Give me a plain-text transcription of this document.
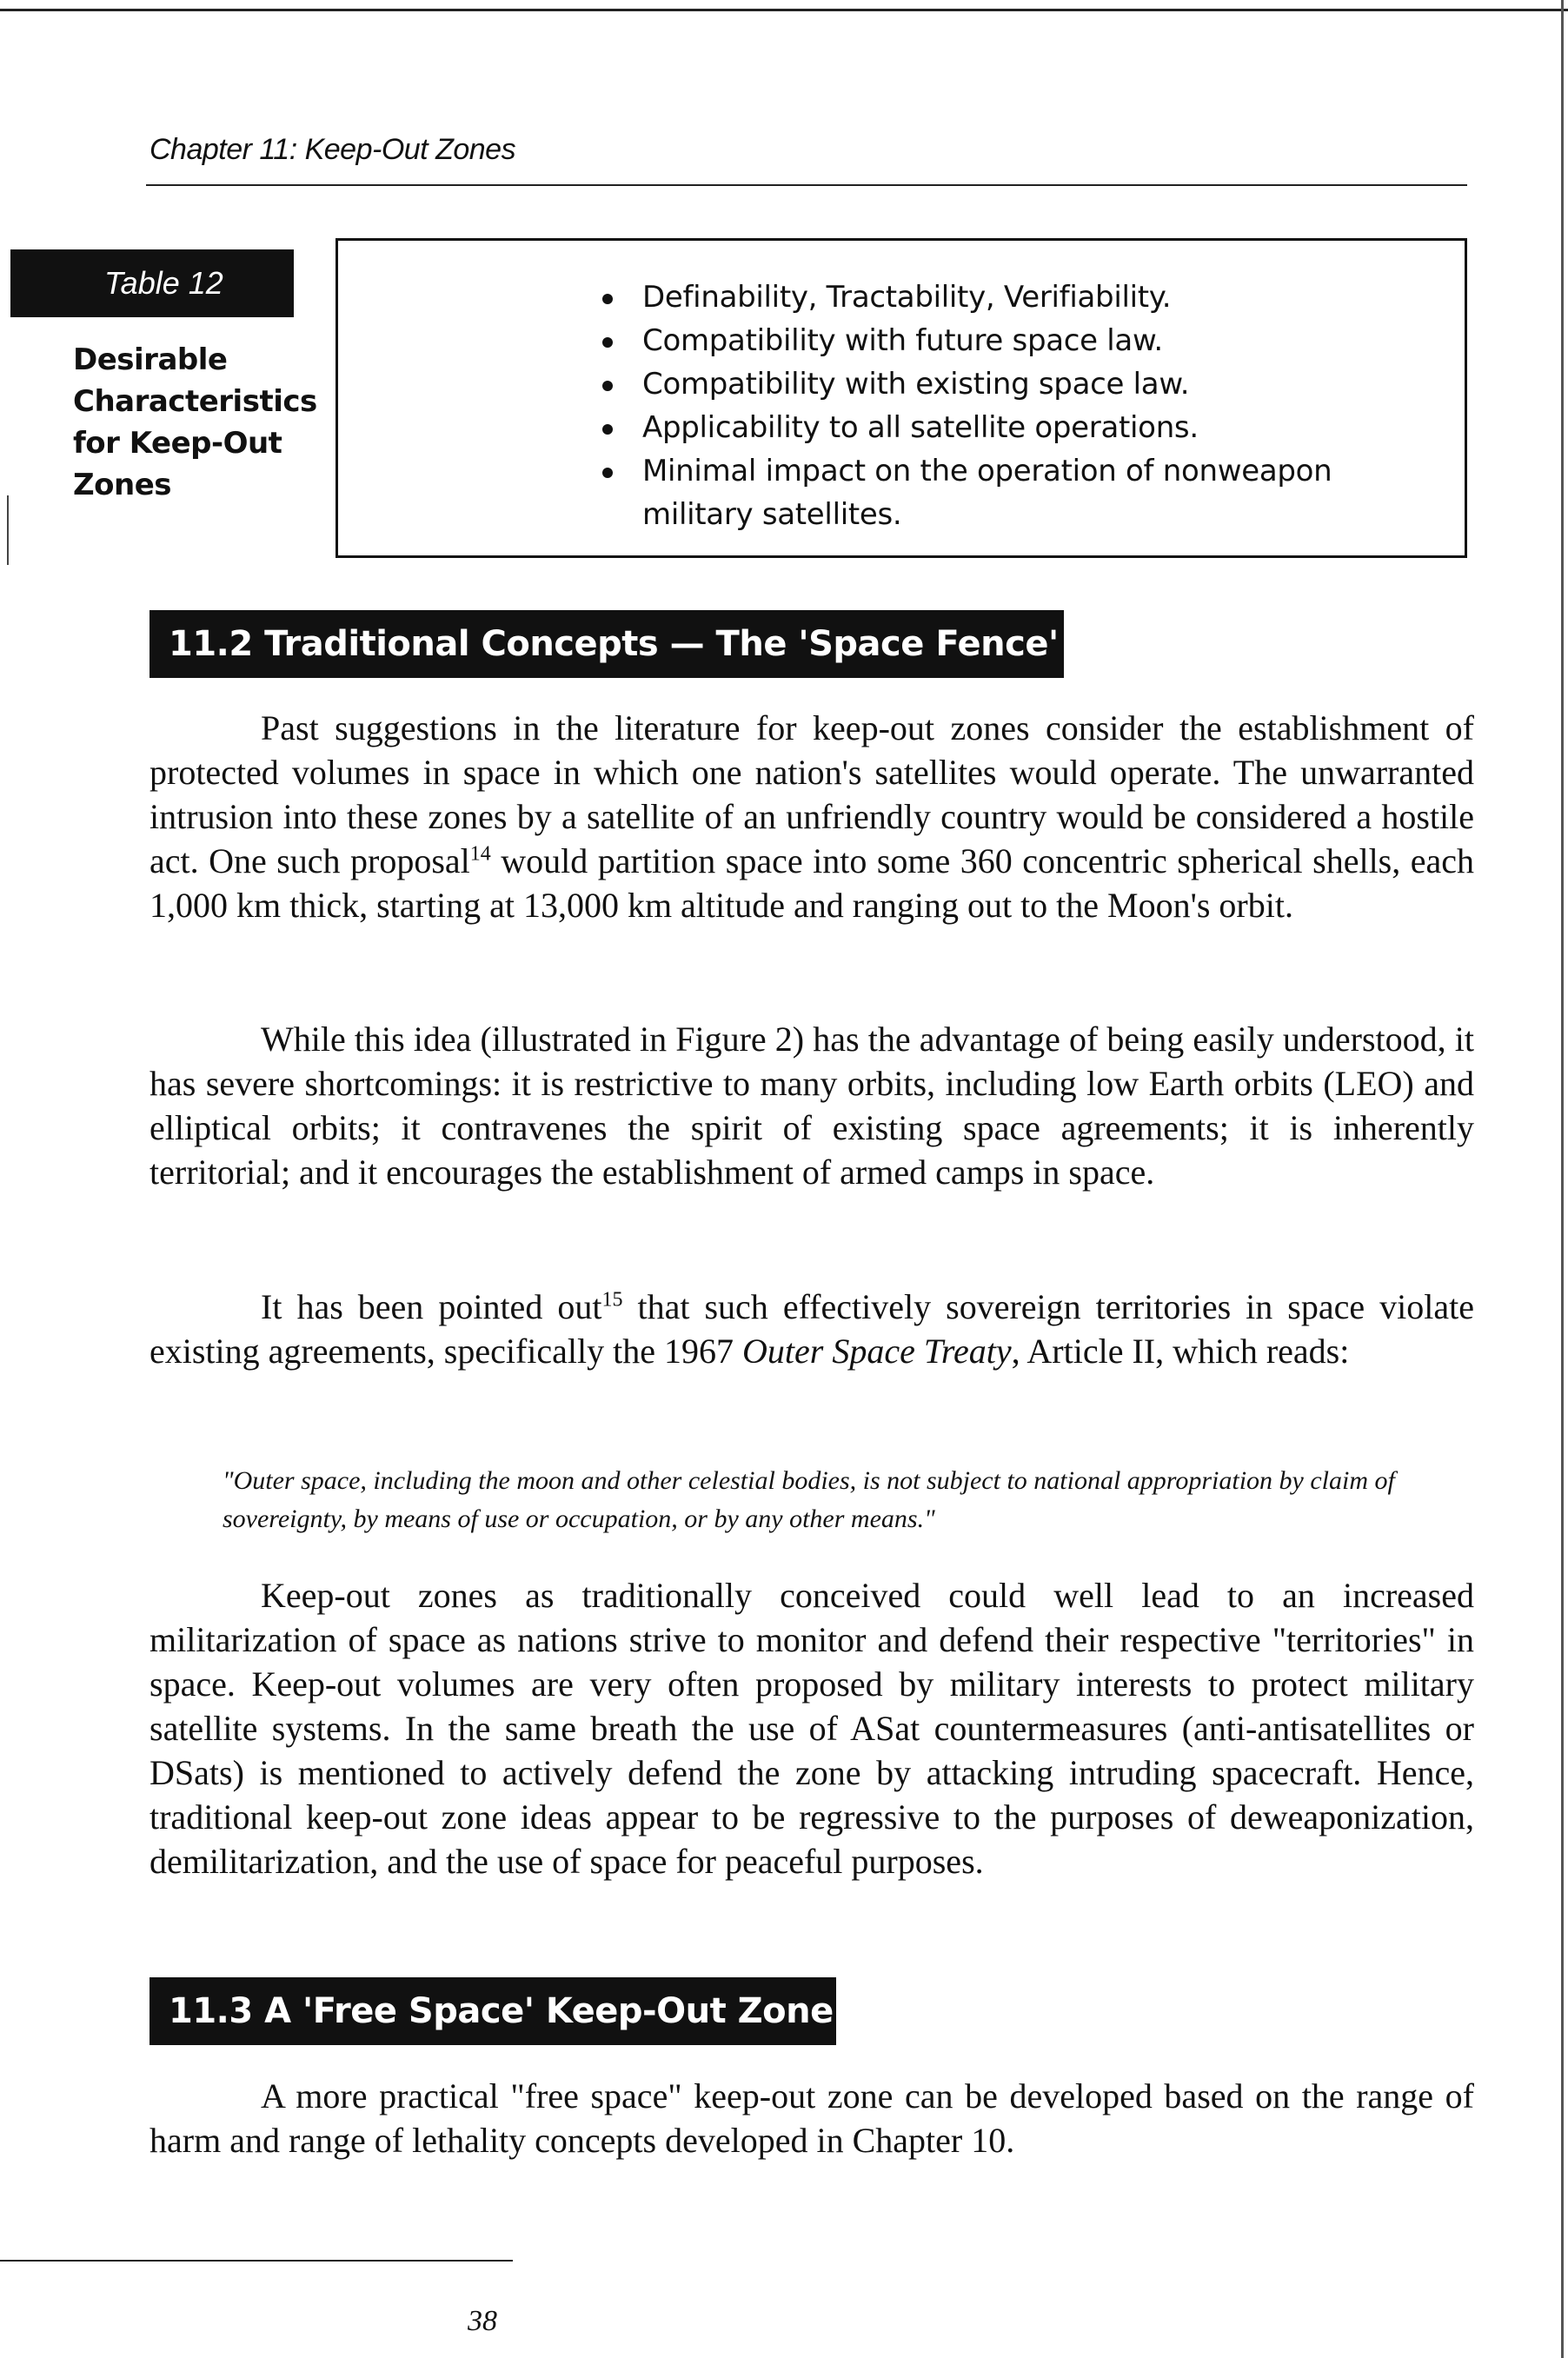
Chapter 11: Keep-Out Zones
Table 12
Desirable
Characteristics
for Keep-Out
Zones
Definability, Tractability, Verifiability.
Compatibility with future space law.
Compatibility with existing space law.
Applicability to all satellite operations.
Minimal impact on the operation of nonweapon military satellites.
11.2 Traditional Concepts — The 'Space Fence'

Past suggestions in the literature for keep-out zones consider the establishment of protected volumes in space in which one nation's satellites would operate. The unwarranted intrusion into these zones by a satellite of an unfriendly country would be considered a hostile act. One such proposal$^{14}$ would partition space into some 360 concentric spherical shells, each 1,000 km thick, starting at 13,000 km altitude and ranging out to the Moon's orbit.

While this idea (illustrated in Figure 2) has the advantage of being easily understood, it has severe shortcomings: it is restrictive to many orbits, including low Earth orbits (LEO) and elliptical orbits; it contravenes the spirit of existing space agreements; it is inherently territorial; and it encourages the establishment of armed camps in space.

It has been pointed out$^{15}$ that such effectively sovereign territories in space violate existing agreements, specifically the 1967 Outer Space Treaty, Article II, which reads:

"Outer space, including the moon and other celestial bodies, is not subject to national appropriation by claim of sovereignty, by means of use or occupation, or by any other means."

Keep-out zones as traditionally conceived could well lead to an increased militarization of space as nations strive to monitor and defend their respective "territories" in space. Keep-out volumes are very often proposed by military interests to protect military satellite systems. In the same breath the use of ASat countermeasures (anti-antisatellites or DSats) is mentioned to actively defend the zone by attacking intruding spacecraft. Hence, traditional keep-out zone ideas appear to be regressive to the purposes of deweaponization, demilitarization, and the use of space for peaceful purposes.

11.3 A 'Free Space' Keep-Out Zone

A more practical "free space" keep-out zone can be developed based on the range of harm and range of lethality concepts developed in Chapter 10.

38
